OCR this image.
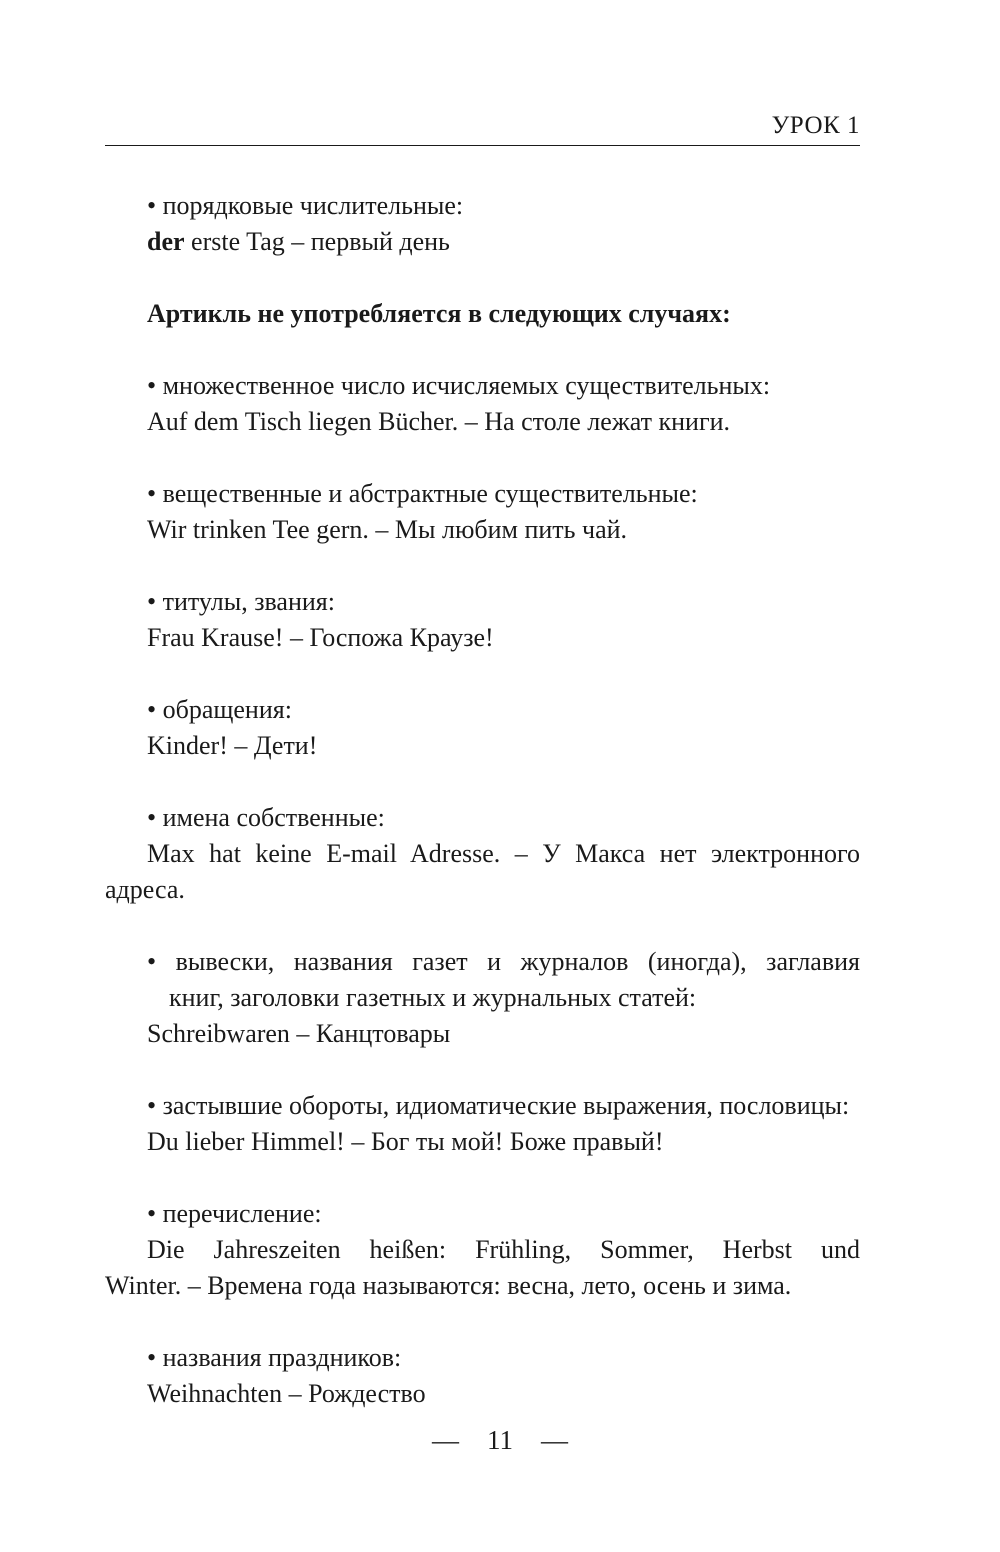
УРОК 1
• порядковые числительные:
der erste Tag – первый день
Артикль не употребляется в следующих случаях:
• множественное число исчисляемых существительных:
Auf dem Tisch liegen Bücher. – На столе лежат книги.
• вещественные и абстрактные существительные:
Wir trinken Tee gern. – Мы любим пить чай.
• титулы, звания:
Frau Krause! – Госпожа Краузе!
• обращения:
Kinder! – Дети!
• имена собственные:
Max hat keine E-mail Adresse. – У Макса нет электронного
адреса.
• вывески, названия газет и журналов (иногда), заглавия
книг, заголовки газетных и журнальных статей:
Schreibwaren – Канцтовары
• застывшие обороты, идиоматические выражения, пословицы:
Du lieber Himmel! – Бог ты мой! Боже правый!
• перечисление:
Die Jahreszeiten heißen: Frühling, Sommer, Herbst und
Winter. – Времена года называются: весна, лето, осень и зима.
• названия праздников:
Weihnachten – Рождество
— 11 —
